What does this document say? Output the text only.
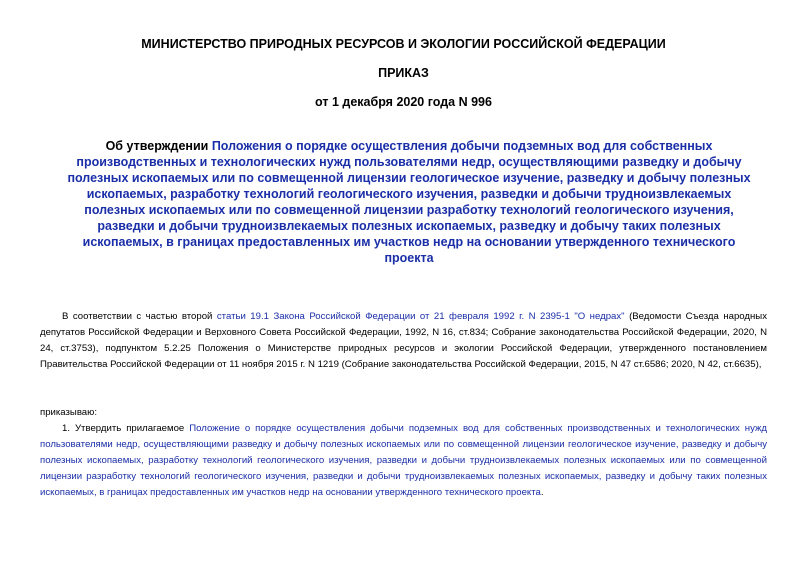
МИНИСТЕРСТВО ПРИРОДНЫХ РЕСУРСОВ И ЭКОЛОГИИ РОССИЙСКОЙ ФЕДЕРАЦИИ
ПРИКАЗ
от 1 декабря 2020 года N 996
Об утверждении Положения о порядке осуществления добычи подземных вод для собственных производственных и технологических нужд пользователями недр, осуществляющими разведку и добычу полезных ископаемых или по совмещенной лицензии геологическое изучение, разведку и добычу полезных ископаемых, разработку технологий геологического изучения, разведки и добычи трудноизвлекаемых полезных ископаемых или по совмещенной лицензии разработку технологий геологического изучения, разведки и добычи трудноизвлекаемых полезных ископаемых, разведку и добычу таких полезных ископаемых, в границах предоставленных им участков недр на основании утвержденного технического проекта
В соответствии с частью второй статьи 19.1 Закона Российской Федерации от 21 февраля 1992 г. N 2395-1 "О недрах" (Ведомости Съезда народных депутатов Российской Федерации и Верховного Совета Российской Федерации, 1992, N 16, ст.834; Собрание законодательства Российской Федерации, 2020, N 24, ст.3753), подпунктом 5.2.25 Положения о Министерстве природных ресурсов и экологии Российской Федерации, утвержденного постановлением Правительства Российской Федерации от 11 ноября 2015 г. N 1219 (Собрание законодательства Российской Федерации, 2015, N 47 ст.6586; 2020, N 42, ст.6635),
приказываю:
1. Утвердить прилагаемое Положение о порядке осуществления добычи подземных вод для собственных производственных и технологических нужд пользователями недр, осуществляющими разведку и добычу полезных ископаемых или по совмещенной лицензии геологическое изучение, разведку и добычу полезных ископаемых, разработку технологий геологического изучения, разведки и добычи трудноизвлекаемых полезных ископаемых или по совмещенной лицензии разработку технологий геологического изучения, разведки и добычи трудноизвлекаемых полезных ископаемых, разведку и добычу таких полезных ископаемых, в границах предоставленных им участков недр на основании утвержденного технического проекта.
